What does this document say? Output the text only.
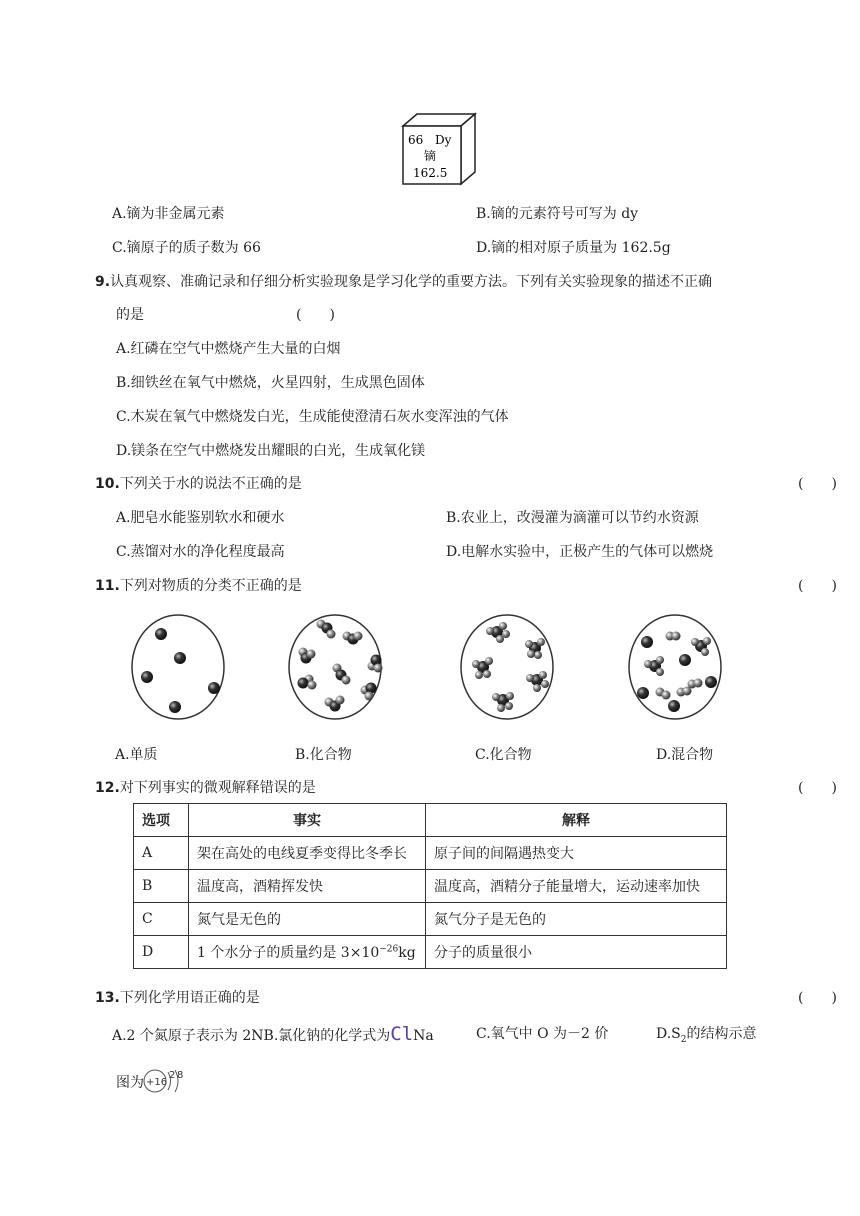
66 Dy
镝
162.5
A.镝为非金属元素	B.镝的元素符号可写为 dy
C.镝原子的质子数为 66	D.镝的相对原子质量为 162.5g
9.认真观察、准确记录和仔细分析实验现象是学习化学的重要方法。下列有关实验现象的描述不正确
的是	(　　)
A.红磷在空气中燃烧产生大量的白烟
B.细铁丝在氧气中燃烧，火星四射，生成黑色固体
C.木炭在氧气中燃烧发白光，生成能使澄清石灰水变浑浊的气体
D.镁条在空气中燃烧发出耀眼的白光，生成氧化镁
10.下列关于水的说法不正确的是	(　　)
A.肥皂水能鉴别软水和硬水	B.农业上，改漫灌为滴灌可以节约水资源
C.蒸馏对水的净化程度最高	D.电解水实验中，正极产生的气体可以燃烧
11.下列对物质的分类不正确的是	(　　)
A.单质	B.化合物	C.化合物	D.混合物
12.对下列事实的微观解释错误的是	(　　)
选项	事实	解释
A	架在高处的电线夏季变得比冬季长	原子间的间隔遇热变大
B	温度高，酒精挥发快	温度高，酒精分子能量增大，运动速率加快
C	氮气是无色的	氮气分子是无色的
D	1 个水分子的质量约是 $3\times 10^{-26}kg$	分子的质量很小
13.下列化学用语正确的是	(　　)
A.2 个氮原子表示为 2NB.氯化钠的化学式为ClNa	C.氧气中 O 为－2 价	$D.S_2$的结构示意
图为 +16
2 8
